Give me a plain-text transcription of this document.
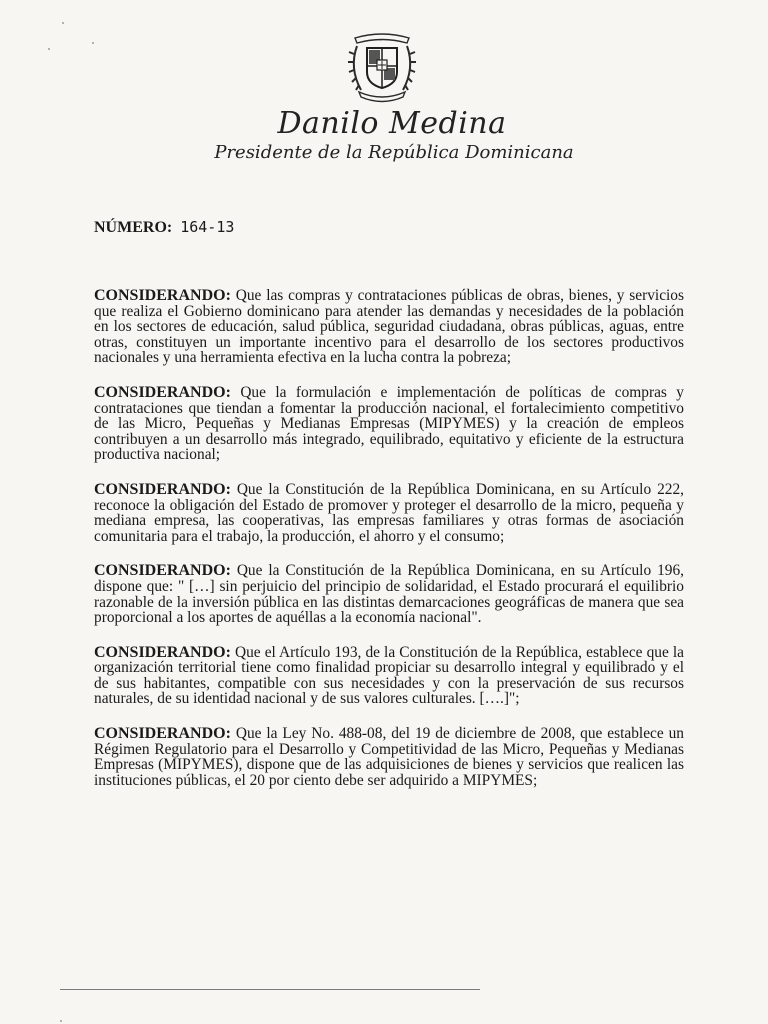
Danilo Medina
Presidente de la República Dominicana
NÚMERO: 164-13

CONSIDERANDO: Que las compras y contrataciones públicas de obras, bienes, y servicios que realiza el Gobierno dominicano para atender las demandas y necesidades de la población en los sectores de educación, salud pública, seguridad ciudadana, obras públicas, aguas, entre otras, constituyen un importante incentivo para el desarrollo de los sectores productivos nacionales y una herramienta efectiva en la lucha contra la pobreza;

CONSIDERANDO: Que la formulación e implementación de políticas de compras y contrataciones que tiendan a fomentar la producción nacional, el fortalecimiento competitivo de las Micro, Pequeñas y Medianas Empresas (MIPYMES) y la creación de empleos contribuyen a un desarrollo más integrado, equilibrado, equitativo y eficiente de la estructura productiva nacional;

CONSIDERANDO: Que la Constitución de la República Dominicana, en su Artículo 222, reconoce la obligación del Estado de promover y proteger el desarrollo de la micro, pequeña y mediana empresa, las cooperativas, las empresas familiares y otras formas de asociación comunitaria para el trabajo, la producción, el ahorro y el consumo;

CONSIDERANDO: Que la Constitución de la República Dominicana, en su Artículo 196, dispone que: " […] sin perjuicio del principio de solidaridad, el Estado procurará el equilibrio razonable de la inversión pública en las distintas demarcaciones geográficas de manera que sea proporcional a los aportes de aquéllas a la economía nacional".

CONSIDERANDO: Que el Artículo 193, de la Constitución de la República, establece que la organización territorial tiene como finalidad propiciar su desarrollo integral y equilibrado y el de sus habitantes, compatible con sus necesidades y con la preservación de sus recursos naturales, de su identidad nacional y de sus valores culturales. [….]";

CONSIDERANDO: Que la Ley No. 488-08, del 19 de diciembre de 2008, que establece un Régimen Regulatorio para el Desarrollo y Competitividad de las Micro, Pequeñas y Medianas Empresas (MIPYMES), dispone que de las adquisiciones de bienes y servicios que realicen las instituciones públicas, el 20 por ciento debe ser adquirido a MIPYMES;
